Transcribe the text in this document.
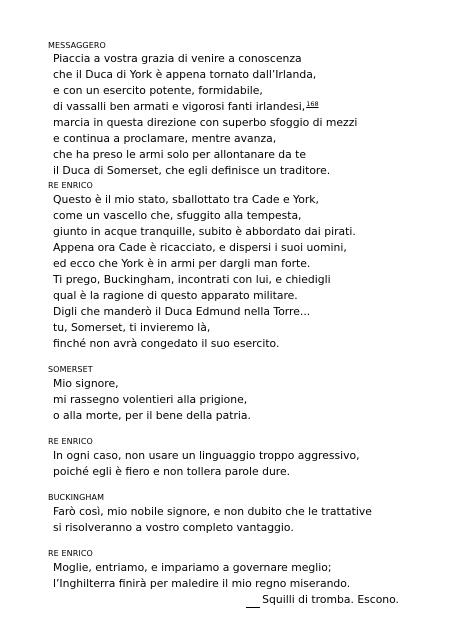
MESSAGGERO
Piaccia a vostra grazia di venire a conoscenza
che il Duca di York è appena tornato dall’Irlanda,
e con un esercito potente, formidabile,
di vassalli ben armati e vigorosi fanti irlandesi,$^{168}$
marcia in questa direzione con superbo sfoggio di mezzi
e continua a proclamare, mentre avanza,
che ha preso le armi solo per allontanare da te
il Duca di Somerset, che egli definisce un traditore.
RE ENRICO
Questo è il mio stato, sballottato tra Cade e York,
come un vascello che, sfuggito alla tempesta,
giunto in acque tranquille, subito è abbordato dai pirati.
Appena ora Cade è ricacciato, e dispersi i suoi uomini,
ed ecco che York è in armi per dargli man forte.
Ti prego, Buckingham, incontrati con lui, e chiedigli
qual è la ragione di questo apparato militare.
Digli che manderò il Duca Edmund nella Torre...
tu, Somerset, ti invieremo là,
finché non avrà congedato il suo esercito.
SOMERSET
Mio signore,
mi rassegno volentieri alla prigione,
o alla morte, per il bene della patria.
RE ENRICO
In ogni caso, non usare un linguaggio troppo aggressivo,
poiché egli è fiero e non tollera parole dure.
BUCKINGHAM
Farò così, mio nobile signore, e non dubito che le trattative
si risolveranno a vostro completo vantaggio.
RE ENRICO
Moglie, entriamo, e impariamo a governare meglio;
l’Inghilterra finirà per maledire il mio regno miserando.
Squilli di tromba. Escono.
